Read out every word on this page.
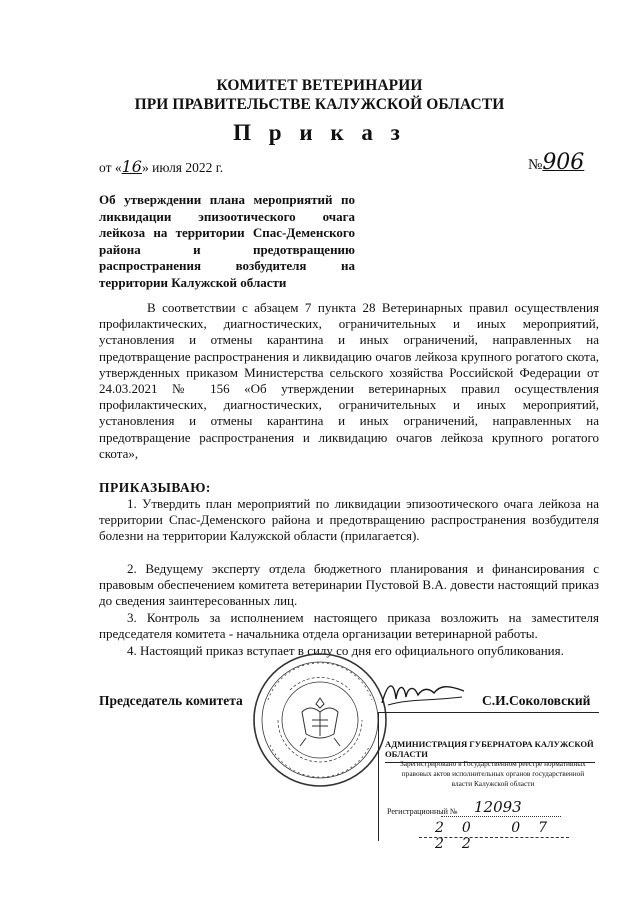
КОМИТЕТ ВЕТЕРИНАРИИ
ПРИ ПРАВИТЕЛЬСТВЕ КАЛУЖСКОЙ ОБЛАСТИ
П р и к а з
от «16» июля 2022 г.	№906
Об утверждении плана мероприятий по ликвидации эпизоотического очага лейкоза на территории Спас-Деменского района и предотвращению распространения возбудителя на территории Калужской области
В соответствии с абзацем 7 пункта 28 Ветеринарных правил осуществления профилактических, диагностических, ограничительных и иных мероприятий, установления и отмены карантина и иных ограничений, направленных на предотвращение распространения и ликвидацию очагов лейкоза крупного рогатого скота, утвержденных приказом Министерства сельского хозяйства Российской Федерации от 24.03.2021 № 156 «Об утверждении ветеринарных правил осуществления профилактических, диагностических, ограничительных и иных мероприятий, установления и отмены карантина и иных ограничений, направленных на предотвращение распространения и ликвидацию очагов лейкоза крупного рогатого скота»,
ПРИКАЗЫВАЮ:
1. Утвердить план мероприятий по ликвидации эпизоотического очага лейкоза на территории Спас-Деменского района и предотвращению распространения возбудителя болезни на территории Калужской области (прилагается).
2. Ведущему эксперту отдела бюджетного планирования и финансирования с правовым обеспечением комитета ветеринарии Пустовой В.А. довести настоящий приказ до сведения заинтересованных лиц.
3. Контроль за исполнением настоящего приказа возложить на заместителя председателя комитета - начальника отдела организации ветеринарной работы.
4. Настоящий приказ вступает в силу со дня его официального опубликования.
Председатель комитета	С.И.Соколовский
АДМИНИСТРАЦИЯ ГУБЕРНАТОРА КАЛУЖСКОЙ ОБЛАСТИ
Зарегистрировано в Государственном реестре нормативных правовых актов исполнительных органов государственной власти Калужской области
Регистрационный № 12093
20 07 22
